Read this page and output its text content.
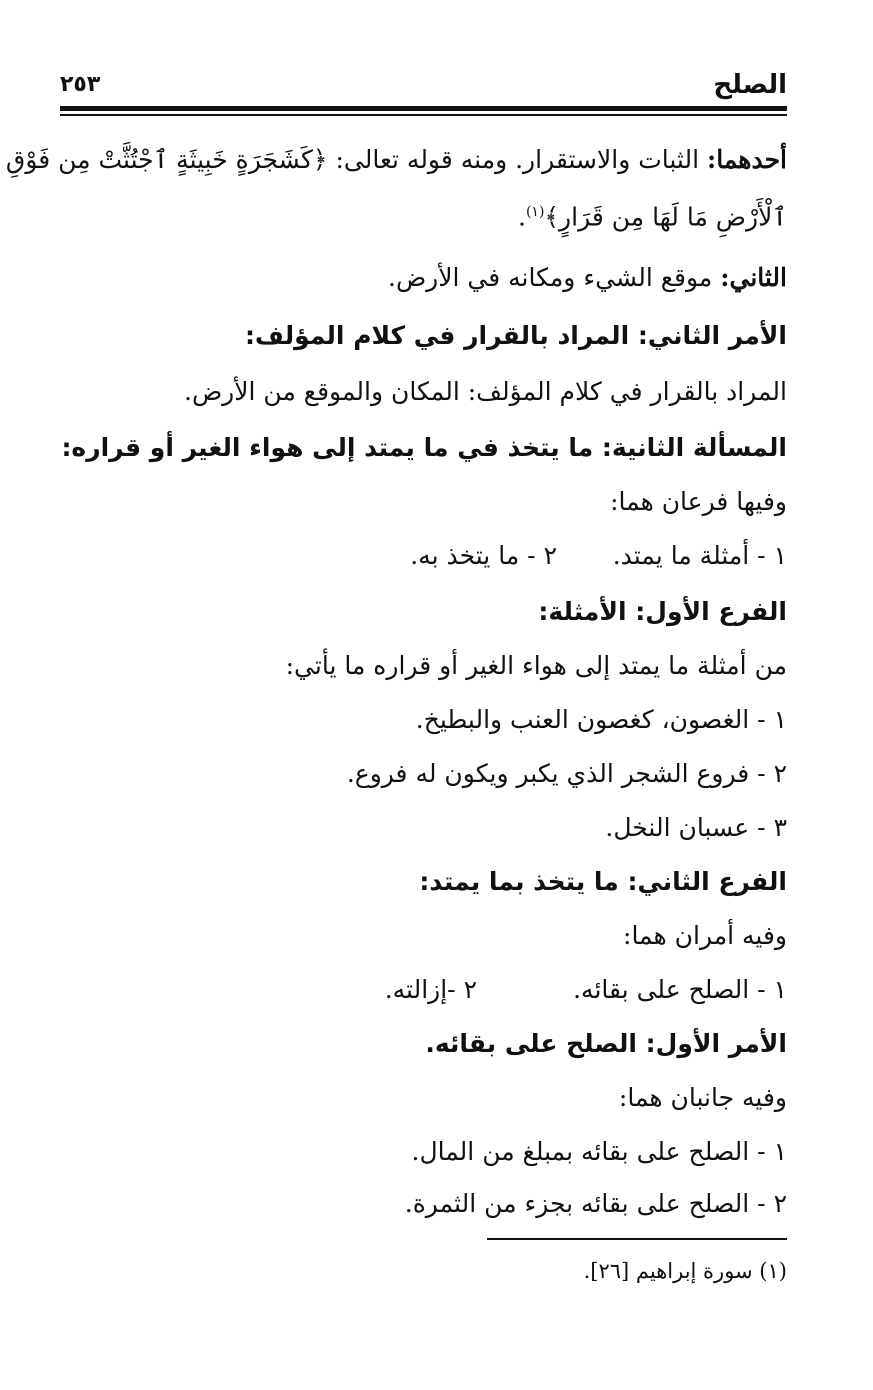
الصلح
٢٥٣
أحدهما: الثبات والاستقرار. ومنه قوله تعالى: ﴿كَشَجَرَةٍ خَبِيثَةٍ ٱجْتُثَّتْ مِن فَوْقِ
ٱلْأَرْضِ مَا لَهَا مِن قَرَارٍ﴾$^{(١)}$.
الثاني: موقع الشيء ومكانه في الأرض.
الأمر الثاني: المراد بالقرار في كلام المؤلف:
المراد بالقرار في كلام المؤلف: المكان والموقع من الأرض.
المسألة الثانية: ما يتخذ في ما يمتد إلى هواء الغير أو قراره:
وفيها فرعان هما:
١ - أمثلة ما يمتد.
٢ - ما يتخذ به.
الفرع الأول: الأمثلة:
من أمثلة ما يمتد إلى هواء الغير أو قراره ما يأتي:
١ - الغصون، كغصون العنب والبطيخ.
٢ - فروع الشجر الذي يكبر ويكون له فروع.
٣ - عسبان النخل.
الفرع الثاني: ما يتخذ بما يمتد:
وفيه أمران هما:
١ - الصلح على بقائه.
٢ -إزالته.
الأمر الأول: الصلح على بقائه.
وفيه جانبان هما:
١ - الصلح على بقائه بمبلغ من المال.
٢ - الصلح على بقائه بجزء من الثمرة.
(١) سورة إبراهيم [٢٦].
